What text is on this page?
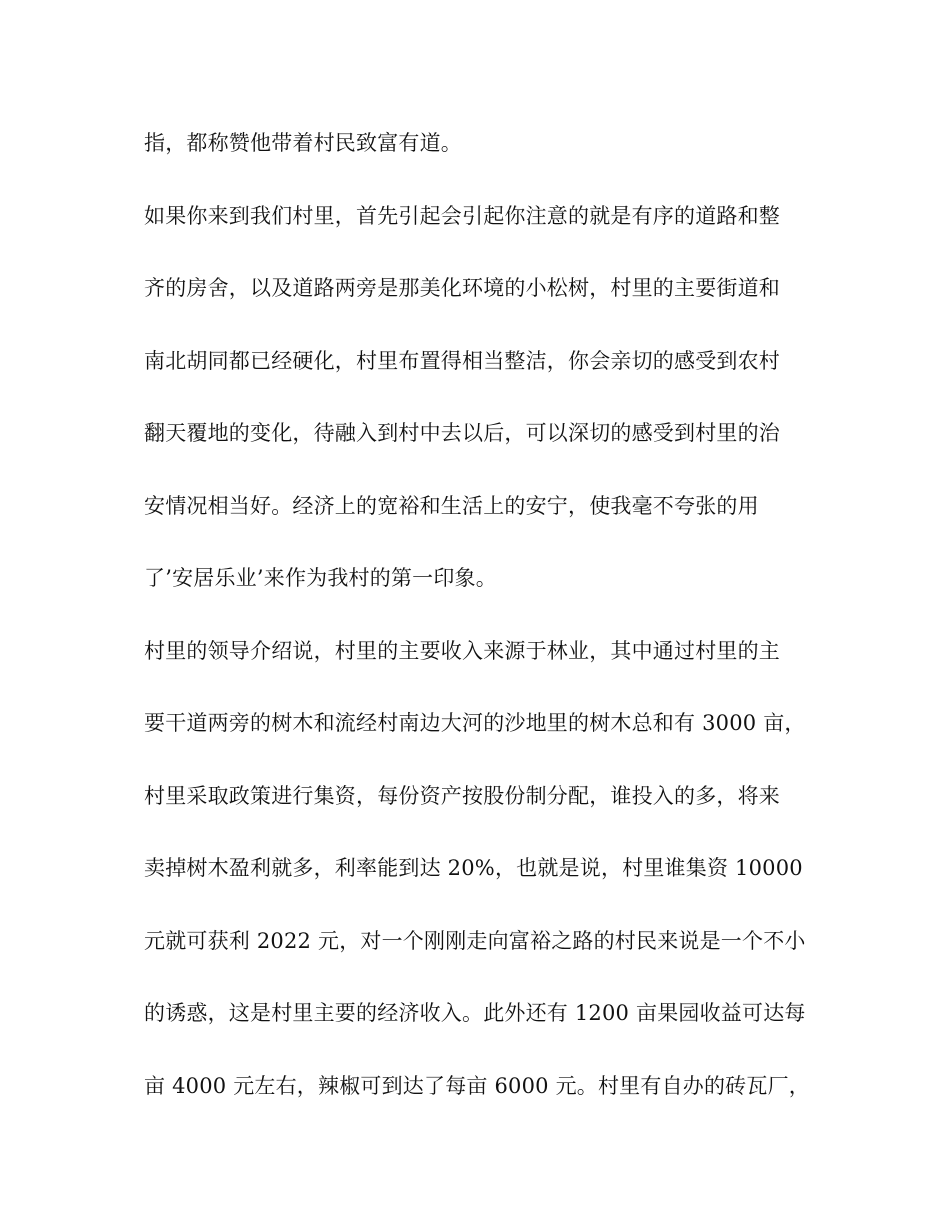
指，都称赞他带着村民致富有道。
如果你来到我们村里，首先引起会引起你注意的就是有序的道路和整
齐的房舍，以及道路两旁是那美化环境的小松树，村里的主要街道和
南北胡同都已经硬化，村里布置得相当整洁，你会亲切的感受到农村
翻天覆地的变化，待融入到村中去以后，可以深切的感受到村里的治
安情况相当好。经济上的宽裕和生活上的安宁，使我毫不夸张的用
了’安居乐业’来作为我村的第一印象。
村里的领导介绍说，村里的主要收入来源于林业，其中通过村里的主
要干道两旁的树木和流经村南边大河的沙地里的树木总和有 3000 亩，
村里采取政策进行集资，每份资产按股份制分配，谁投入的多，将来
卖掉树木盈利就多，利率能到达 20%，也就是说，村里谁集资 10000
元就可获利 2022 元，对一个刚刚走向富裕之路的村民来说是一个不小
的诱惑，这是村里主要的经济收入。此外还有 1200 亩果园收益可达每
亩 4000 元左右，辣椒可到达了每亩 6000 元。村里有自办的砖瓦厂，
